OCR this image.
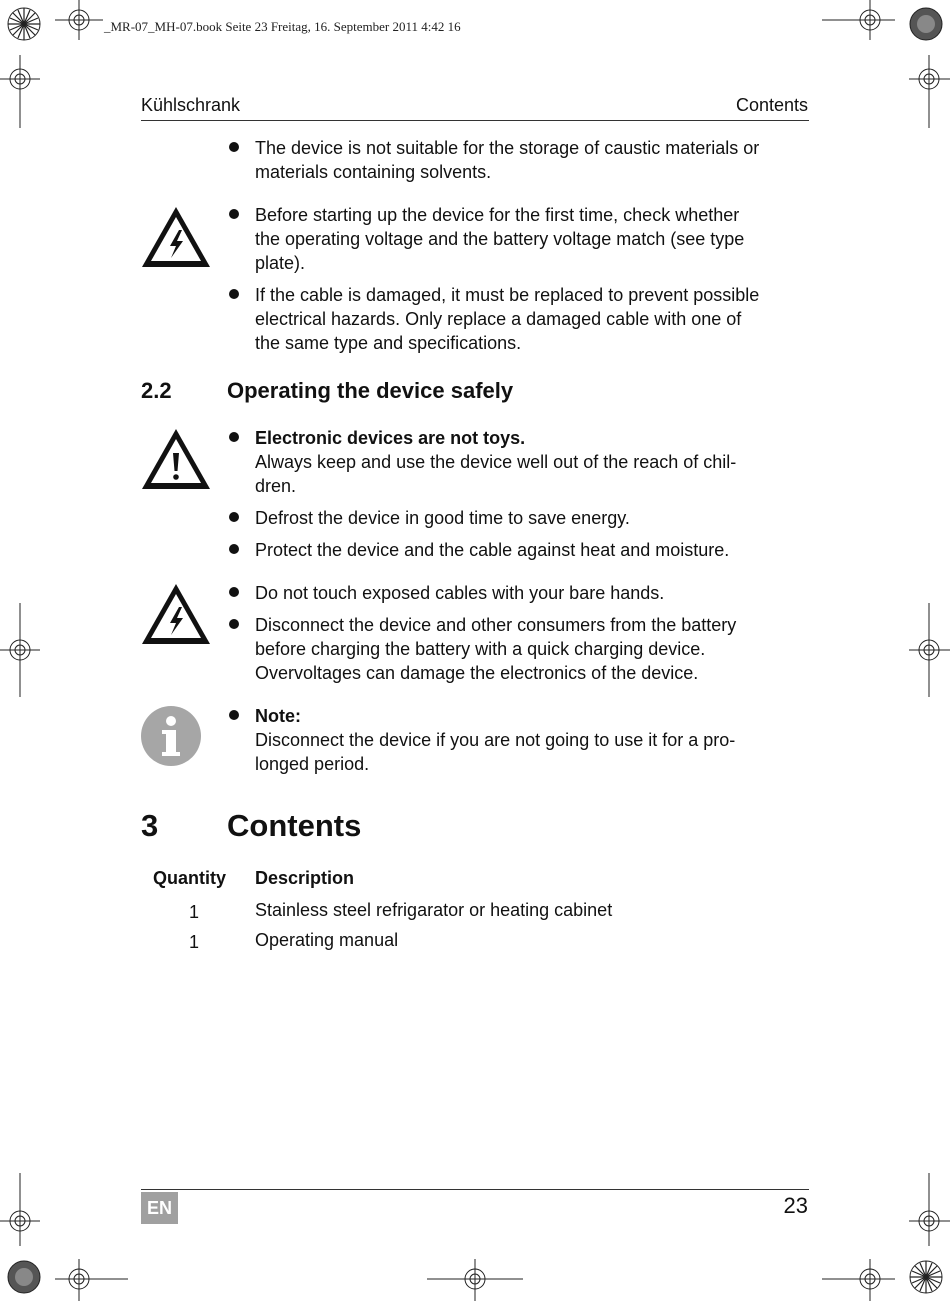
_MR-07_MH-07.book Seite 23 Freitag, 16. September 2011 4:42 16
Kühlschrank	Contents
The device is not suitable for the storage of caustic materials or
materials containing solvents.
Before starting up the device for the first time, check whether
the operating voltage and the battery voltage match (see type
plate).
If the cable is damaged, it must be replaced to prevent possible
electrical hazards. Only replace a damaged cable with one of
the same type and specifications.
2.2	Operating the device safely
Electronic devices are not toys.
Always keep and use the device well out of the reach of chil-
dren.
Defrost the device in good time to save energy.
Protect the device and the cable against heat and moisture.
Do not touch exposed cables with your bare hands.
Disconnect the device and other consumers from the battery
before charging the battery with a quick charging device.
Overvoltages can damage the electronics of the device.
Note:
Disconnect the device if you are not going to use it for a pro-
longed period.
3 Contents
Quantity Description
1	Stainless steel refrigarator or heating cabinet
1	Operating manual
EN	23
